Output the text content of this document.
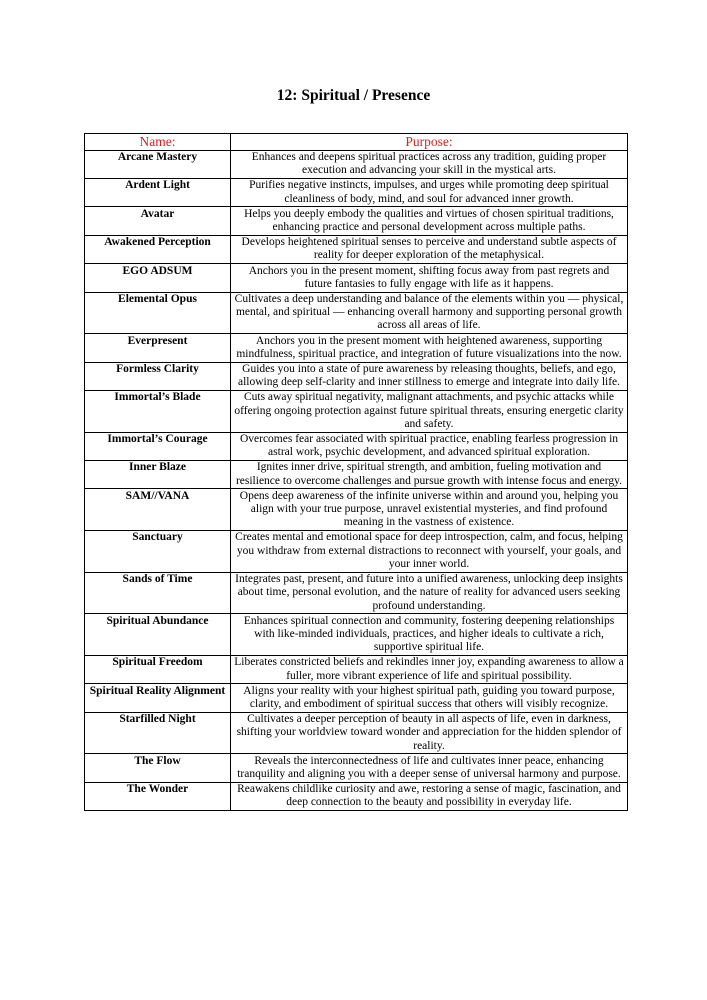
12: Spiritual / Presence
Name:	Purpose:
Arcane Mastery	Enhances and deepens spiritual practices across any tradition, guiding proper execution and advancing your skill in the mystical arts.
Ardent Light	Purifies negative instincts, impulses, and urges while promoting deep spiritual cleanliness of body, mind, and soul for advanced inner growth.
Avatar	Helps you deeply embody the qualities and virtues of chosen spiritual traditions, enhancing practice and personal development across multiple paths.
Awakened Perception	Develops heightened spiritual senses to perceive and understand subtle aspects of reality for deeper exploration of the metaphysical.
EGO ADSUM	Anchors you in the present moment, shifting focus away from past regrets and future fantasies to fully engage with life as it happens.
Elemental Opus	Cultivates a deep understanding and balance of the elements within you — physical, mental, and spiritual — enhancing overall harmony and supporting personal growth across all areas of life.
Everpresent	Anchors you in the present moment with heightened awareness, supporting mindfulness, spiritual practice, and integration of future visualizations into the now.
Formless Clarity	Guides you into a state of pure awareness by releasing thoughts, beliefs, and ego, allowing deep self-clarity and inner stillness to emerge and integrate into daily life.
Immortal’s Blade	Cuts away spiritual negativity, malignant attachments, and psychic attacks while offering ongoing protection against future spiritual threats, ensuring energetic clarity and safety.
Immortal’s Courage	Overcomes fear associated with spiritual practice, enabling fearless progression in astral work, psychic development, and advanced spiritual exploration.
Inner Blaze	Ignites inner drive, spiritual strength, and ambition, fueling motivation and resilience to overcome challenges and pursue growth with intense focus and energy.
SAM//VANA	Opens deep awareness of the infinite universe within and around you, helping you align with your true purpose, unravel existential mysteries, and find profound meaning in the vastness of existence.
Sanctuary	Creates mental and emotional space for deep introspection, calm, and focus, helping you withdraw from external distractions to reconnect with yourself, your goals, and your inner world.
Sands of Time	Integrates past, present, and future into a unified awareness, unlocking deep insights about time, personal evolution, and the nature of reality for advanced users seeking profound understanding.
Spiritual Abundance	Enhances spiritual connection and community, fostering deepening relationships with like-minded individuals, practices, and higher ideals to cultivate a rich, supportive spiritual life.
Spiritual Freedom	Liberates constricted beliefs and rekindles inner joy, expanding awareness to allow a fuller, more vibrant experience of life and spiritual possibility.
Spiritual Reality Alignment	Aligns your reality with your highest spiritual path, guiding you toward purpose, clarity, and embodiment of spiritual success that others will visibly recognize.
Starfilled Night	Cultivates a deeper perception of beauty in all aspects of life, even in darkness, shifting your worldview toward wonder and appreciation for the hidden splendor of reality.
The Flow	Reveals the interconnectedness of life and cultivates inner peace, enhancing tranquility and aligning you with a deeper sense of universal harmony and purpose.
The Wonder	Reawakens childlike curiosity and awe, restoring a sense of magic, fascination, and deep connection to the beauty and possibility in everyday life.
